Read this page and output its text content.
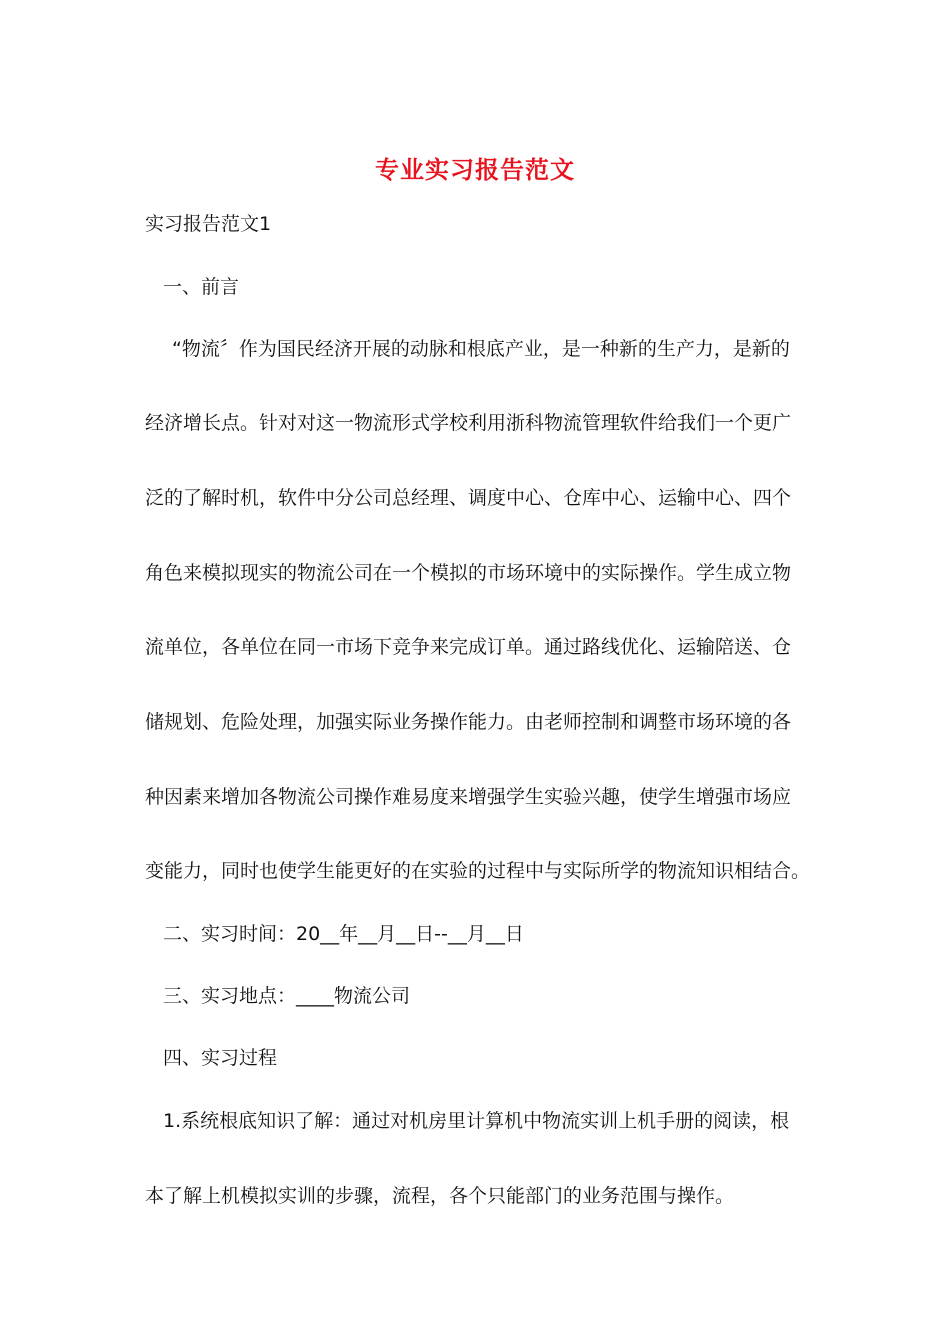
专业实习报告范文
实习报告范文1
一、前言
“物流〞作为国民经济开展的动脉和根底产业，是一种新的生产力，是新的
经济增长点。针对对这一物流形式学校利用浙科物流管理软件给我们一个更广
泛的了解时机，软件中分公司总经理、调度中心、仓库中心、运输中心、四个
角色来模拟现实的物流公司在一个模拟的市场环境中的实际操作。学生成立物
流单位，各单位在同一市场下竞争来完成订单。通过路线优化、运输陪送、仓
储规划、危险处理，加强实际业务操作能力。由老师控制和调整市场环境的各
种因素来增加各物流公司操作难易度来增强学生实验兴趣，使学生增强市场应
变能力，同时也使学生能更好的在实验的过程中与实际所学的物流知识相结合。
二、实习时间：20__年__月__日--__月__日
三、实习地点：____物流公司
四、实习过程
1.系统根底知识了解：通过对机房里计算机中物流实训上机手册的阅读，根
本了解上机模拟实训的步骤，流程，各个只能部门的业务范围与操作。
